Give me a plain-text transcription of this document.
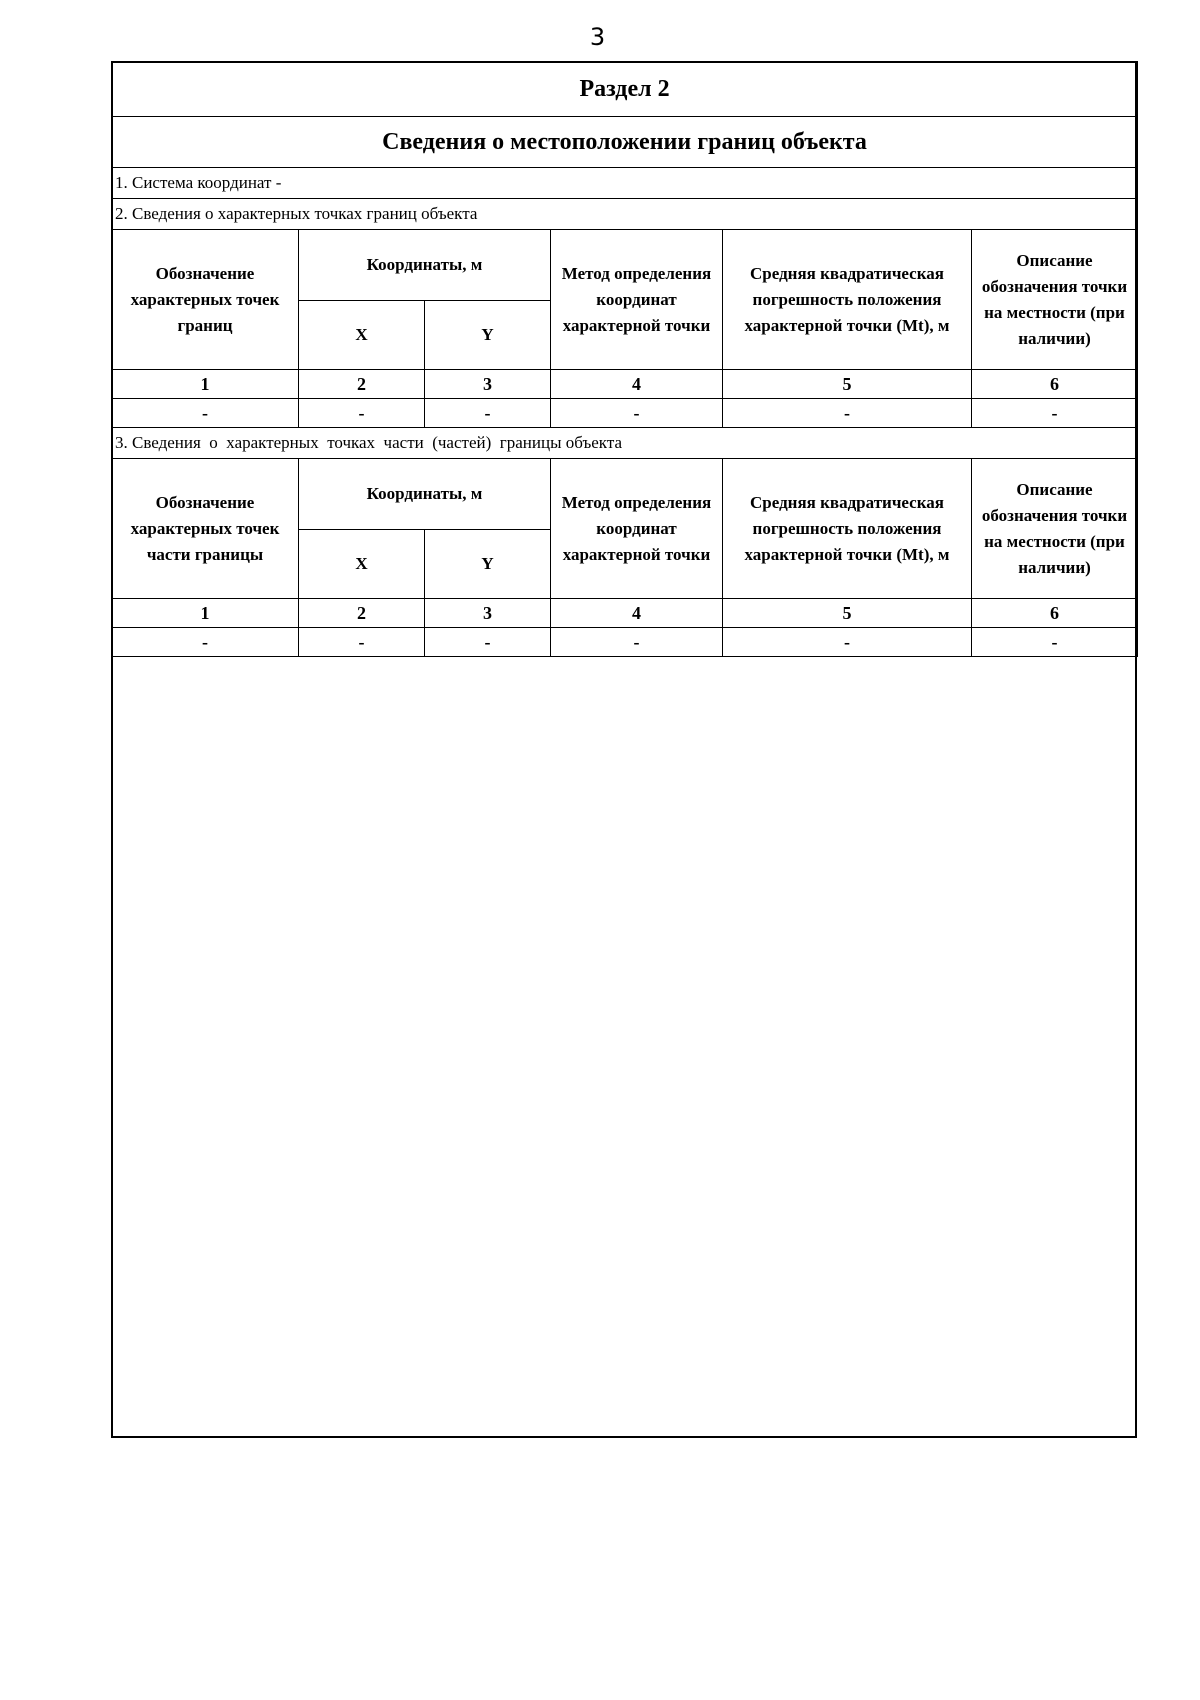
3
Раздел 2					
Сведения о местоположении границ объекта					
1. Система координат -					
2. Сведения о характерных точках границ объекта					
Обозначение характерных точек границ	Координаты, м		Метод определения координат характерной точки	Средняя квадратическая погрешность положения характерной точки (Mt), м	Описание обозначения точки на местности (при наличии)
	X	Y			
1	2	3	4	5	6
-	-	-	-	-	-
3. Сведения  о  характерных  точках  части  (частей)  границы объекта					
Обозначение характерных точек части границы	Координаты, м		Метод определения координат характерной точки	Средняя квадратическая погрешность положения характерной точки (Mt), м	Описание обозначения точки на местности (при наличии)
	X	Y			
1	2	3	4	5	6
-	-	-	-	-	-
